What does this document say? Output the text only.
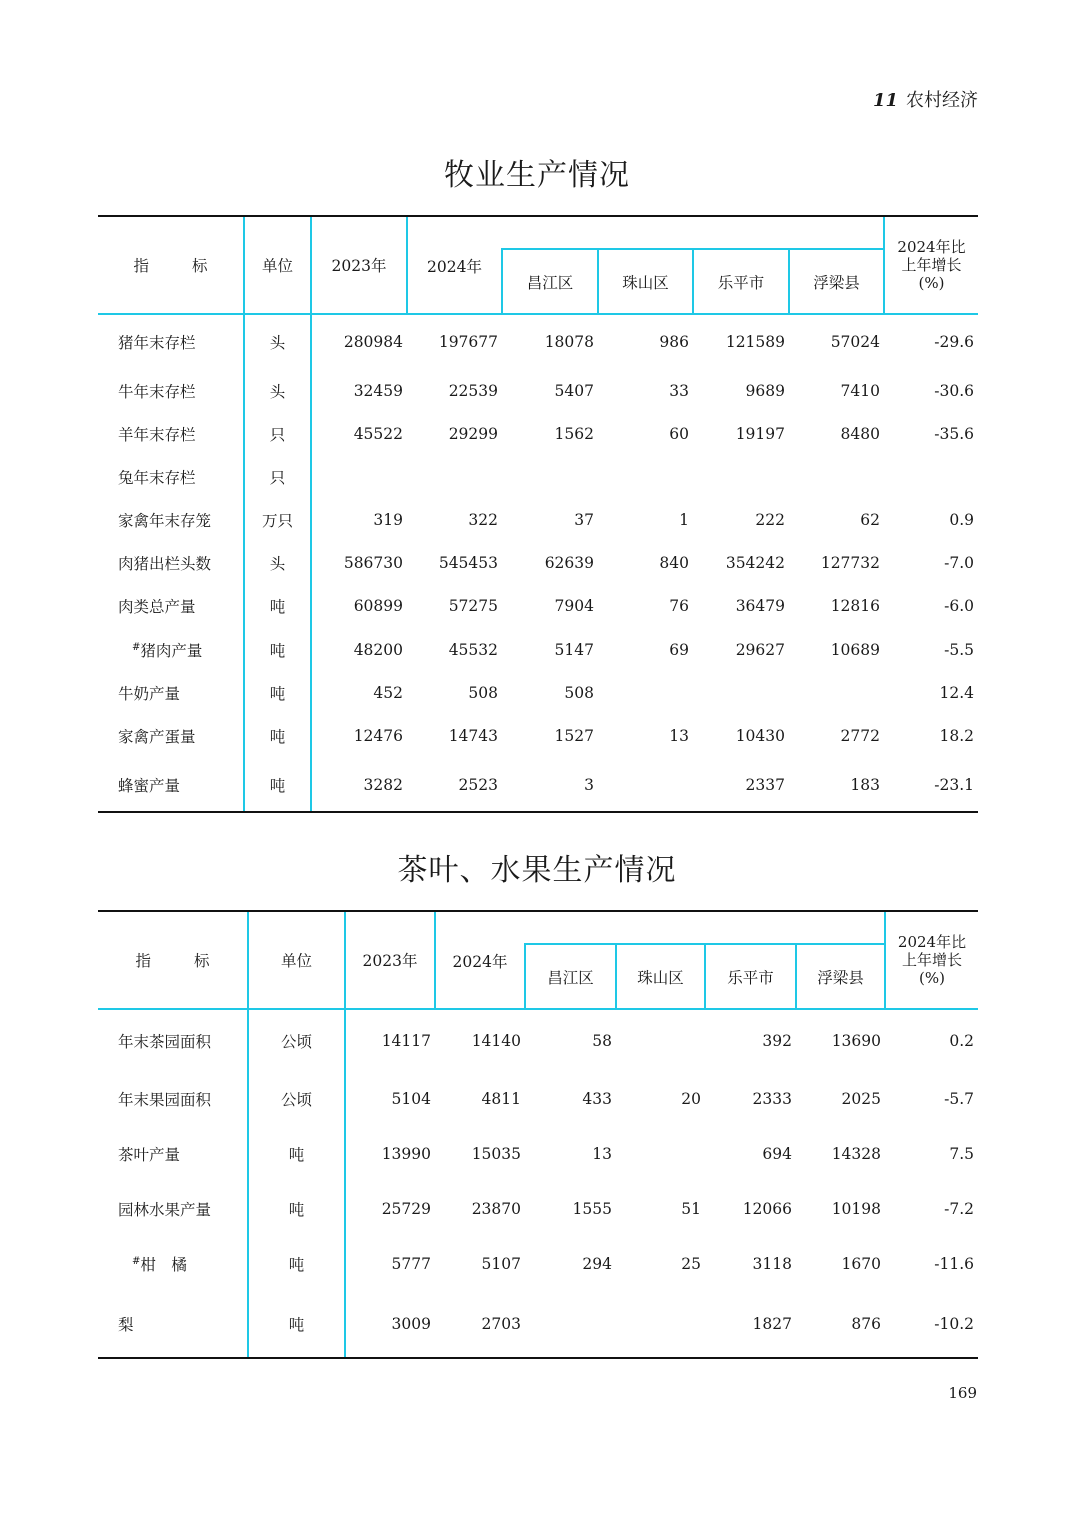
11 农村经济
牧业生产情况
指标	单位	2023年	2024年					2024年比
上年增长
(%)

				昌江区	珠山区	乐平市	浮梁县	
猪年末存栏	头	280984	197677	18078	986	121589	57024	-29.6
牛年末存栏	头	32459	22539	5407	33	9689	7410	-30.6
羊年末存栏	只	45522	29299	1562	60	19197	8480	-35.6
兔年末存栏	只							
家禽年末存笼	万只	319	322	37	1	222	62	0.9
肉猪出栏头数	头	586730	545453	62639	840	354242	127732	-7.0
肉类总产量	吨	60899	57275	7904	76	36479	12816	-6.0
#猪肉产量	吨	48200	45532	5147	69	29627	10689	-5.5
牛奶产量	吨	452	508	508				12.4
家禽产蛋量	吨	12476	14743	1527	13	10430	2772	18.2
蜂蜜产量	吨	3282	2523	3		2337	183	-23.1
茶叶、水果生产情况
指标	单位	2023年	2024年					2024年比
上年增长
(%)

				昌江区	珠山区	乐平市	浮梁县	
年末茶园面积	公顷	14117	14140	58		392	13690	0.2
年末果园面积	公顷	5104	4811	433	20	2333	2025	-5.7
茶叶产量	吨	13990	15035	13		694	14328	7.5
园林水果产量	吨	25729	23870	1555	51	12066	10198	-7.2
#柑　橘	吨	5777	5107	294	25	3118	1670	-11.6
梨	吨	3009	2703			1827	876	-10.2
169
